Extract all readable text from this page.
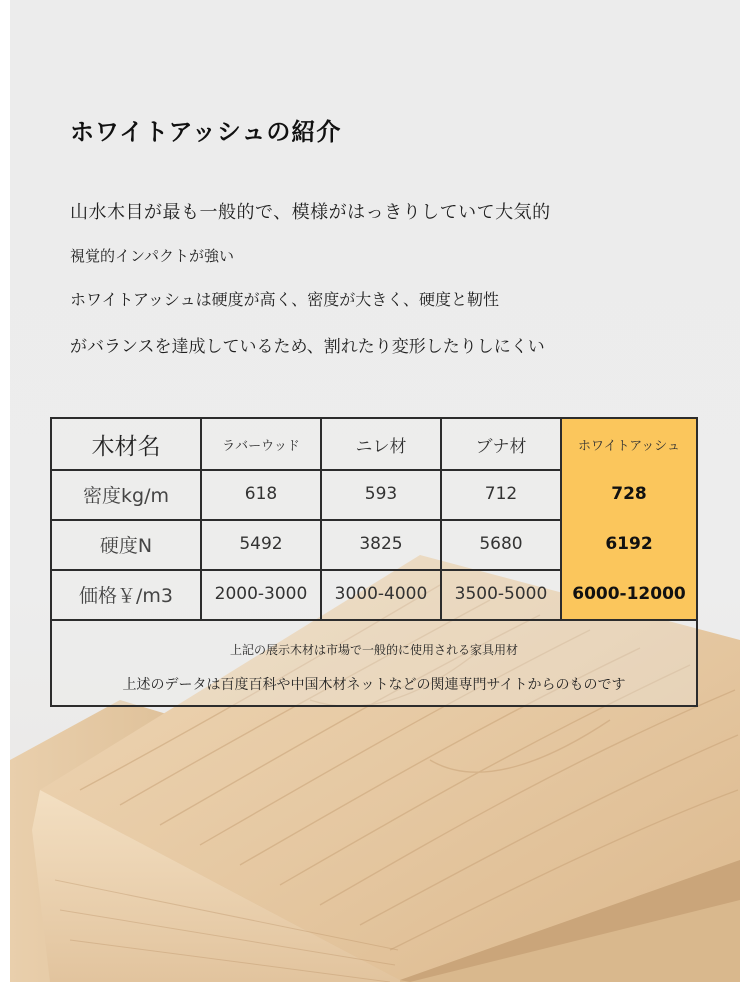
ホワイトアッシュの紹介
山水木目が最も一般的で、模様がはっきりしていて大気的
視覚的インパクトが強い
ホワイトアッシュは硬度が高く、密度が大きく、硬度と靭性
がバランスを達成しているため、割れたり変形したりしにくい
木材名	ラバーウッド	ニレ材	ブナ材	ホワイトアッシュ
密度kg/m	618	593	712	728
硬度N	5492	3825	5680	6192
価格￥/m3	2000-3000	3000-4000	3500-5000	6000-12000
上記の展示木材は市場で一般的に使用される家具用材
上述のデータは百度百科や中国木材ネットなどの関連専門サイトからのものです
